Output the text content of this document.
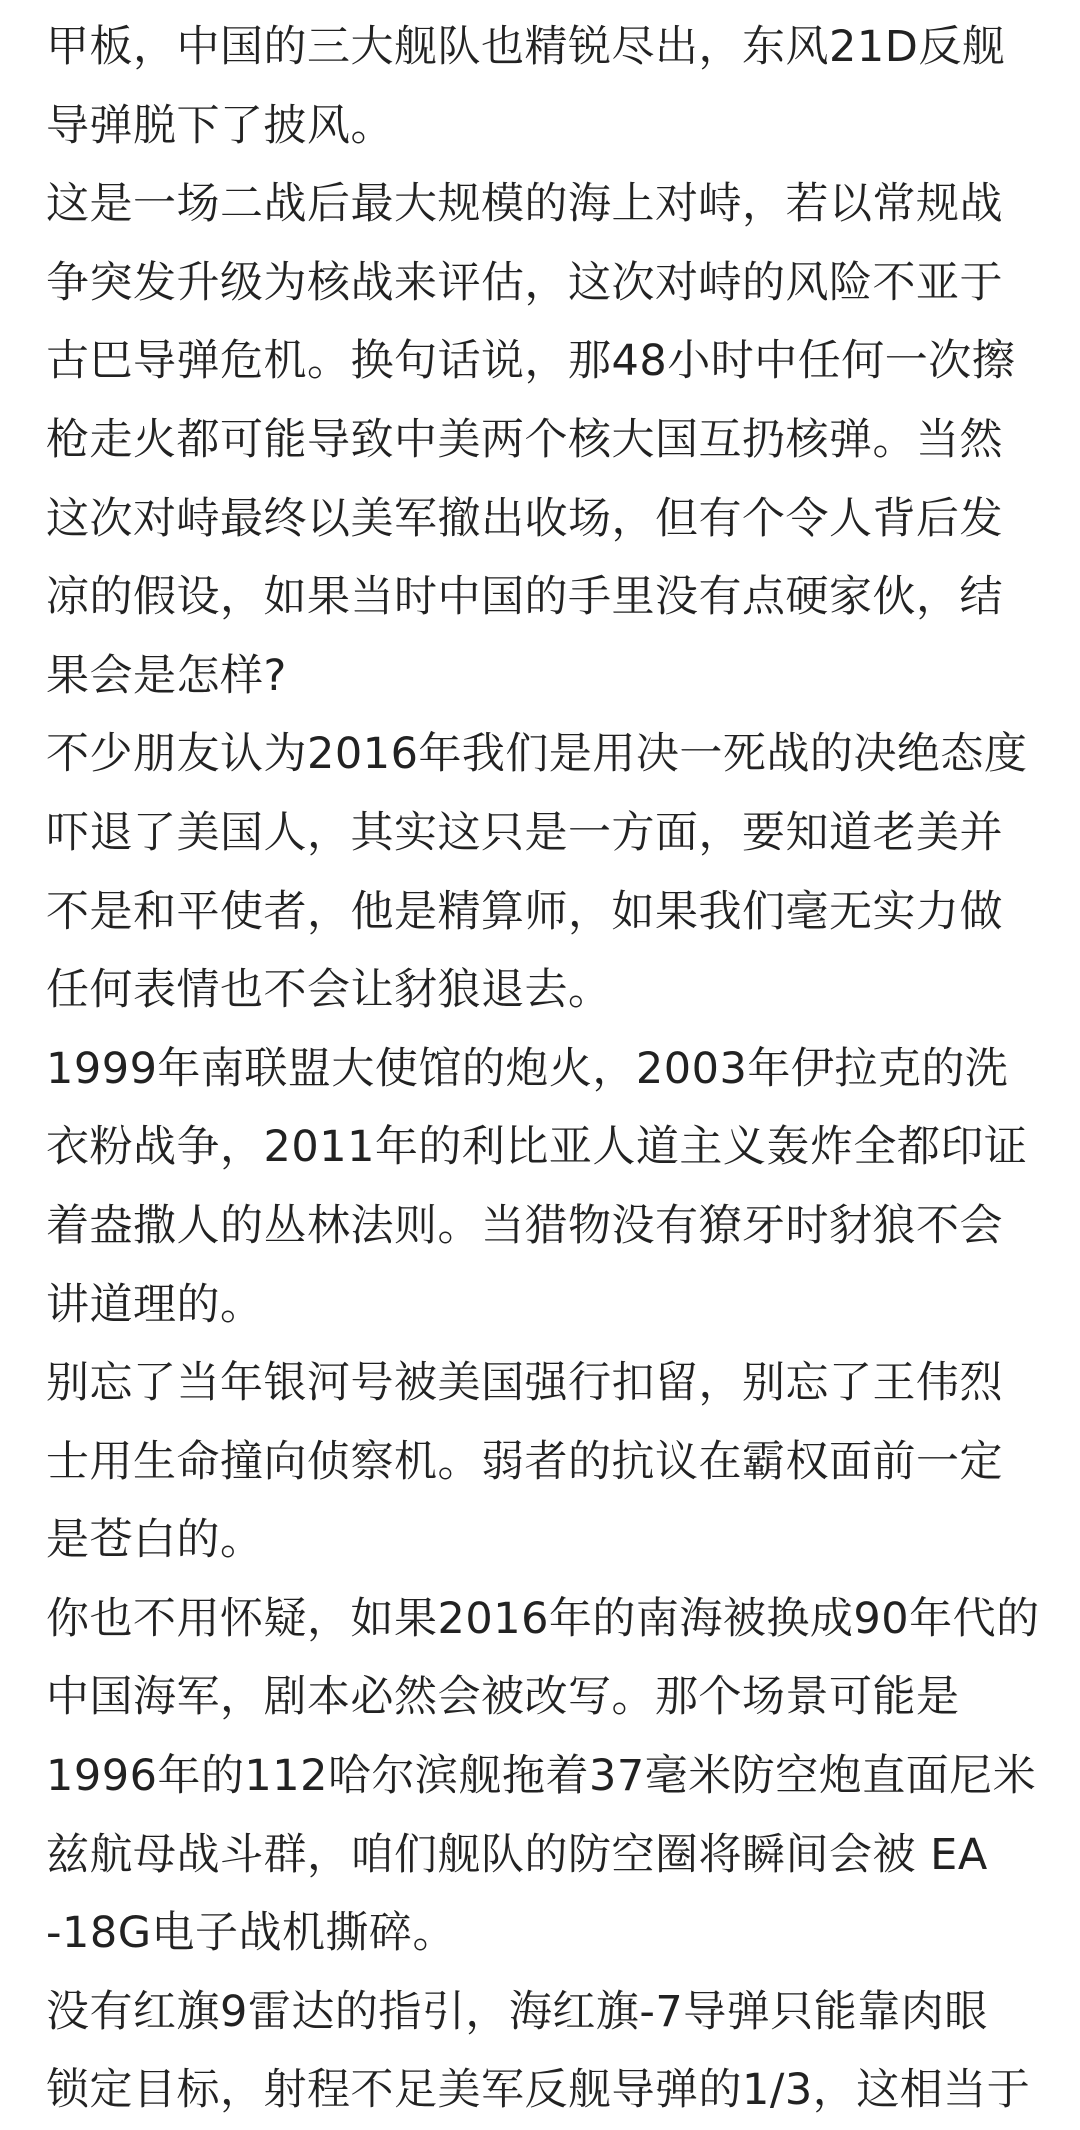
甲板，中国的三大舰队也精锐尽出，东风21D反舰
导弹脱下了披风。
这是一场二战后最大规模的海上对峙，若以常规战
争突发升级为核战来评估，这次对峙的风险不亚于
古巴导弹危机。换句话说，那48小时中任何一次擦
枪走火都可能导致中美两个核大国互扔核弹。当然
这次对峙最终以美军撤出收场，但有个令人背后发
凉的假设，如果当时中国的手里没有点硬家伙，结
果会是怎样?
不少朋友认为2016年我们是用决一死战的决绝态度
吓退了美国人，其实这只是一方面，要知道老美并
不是和平使者，他是精算师，如果我们毫无实力做
任何表情也不会让豺狼退去。
1999年南联盟大使馆的炮火，2003年伊拉克的洗
衣粉战争，2011年的利比亚人道主义轰炸全都印证
着盎撒人的丛林法则。当猎物没有獠牙时豺狼不会
讲道理的。
别忘了当年银河号被美国强行扣留，别忘了王伟烈
士用生命撞向侦察机。弱者的抗议在霸权面前一定
是苍白的。
你也不用怀疑，如果2016年的南海被换成90年代的
中国海军，剧本必然会被改写。那个场景可能是
1996年的112哈尔滨舰拖着37毫米防空炮直面尼米
兹航母战斗群，咱们舰队的防空圈将瞬间会被 EA
-18G电子战机撕碎。
没有红旗9雷达的指引，海红旗-7导弹只能靠肉眼
锁定目标，射程不足美军反舰导弹的1/3，这相当于
